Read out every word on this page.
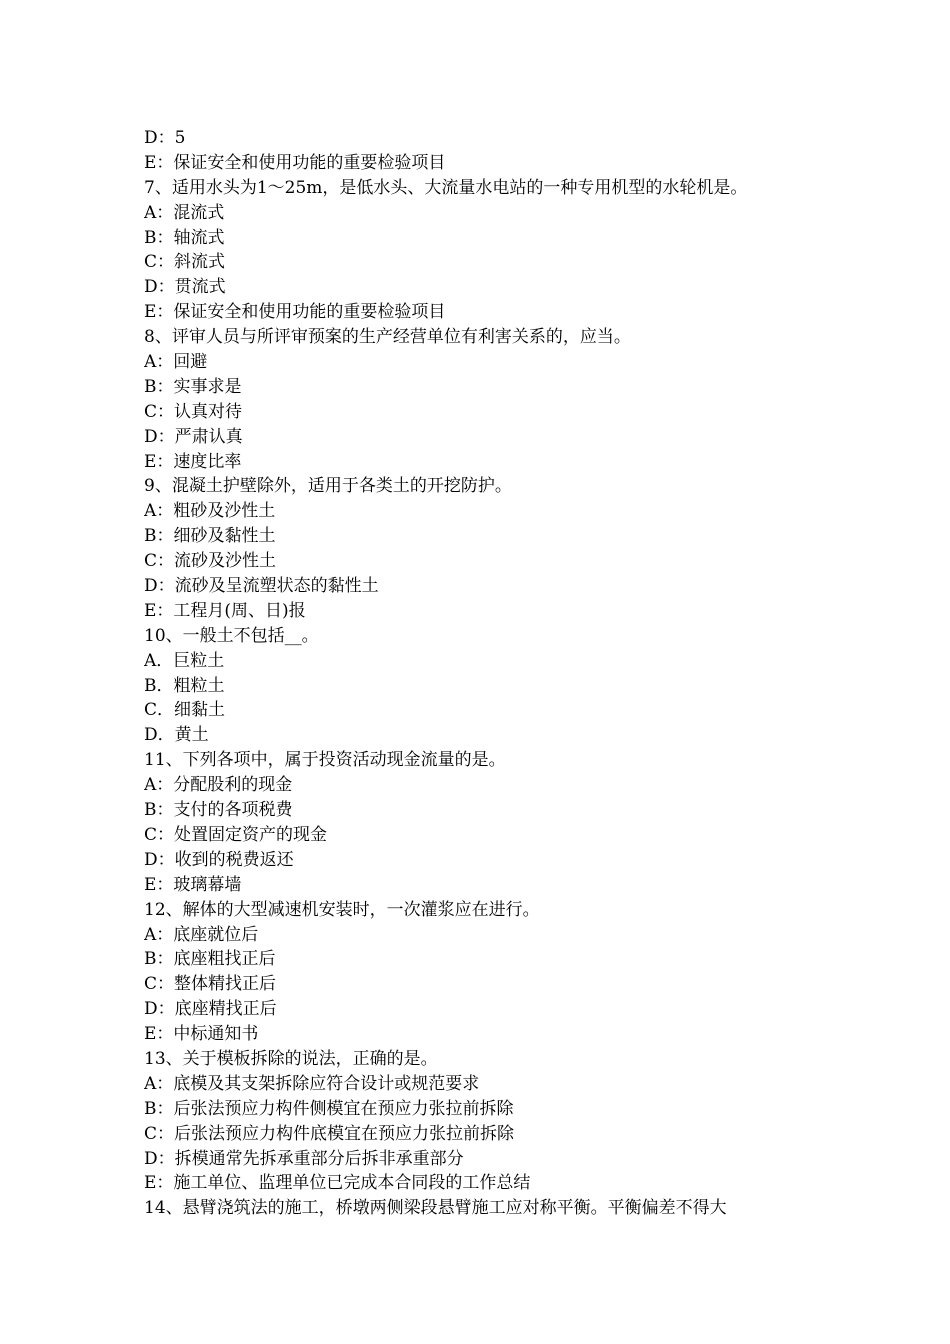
D：5
E：保证安全和使用功能的重要检验项目
7、适用水头为1～25m，是低水头、大流量水电站的一种专用机型的水轮机是。
A：混流式
B：轴流式
C：斜流式
D：贯流式
E：保证安全和使用功能的重要检验项目
8、评审人员与所评审预案的生产经营单位有利害关系的，应当。
A：回避
B：实事求是
C：认真对待
D：严肃认真
E：速度比率
9、混凝土护壁除外，适用于各类土的开挖防护。
A：粗砂及沙性土
B：细砂及黏性土
C：流砂及沙性土
D：流砂及呈流塑状态的黏性土
E：工程月(周、日)报
10、一般土不包括__。
A．巨粒土
B．粗粒土
C．细黏土
D．黄土
11、下列各项中，属于投资活动现金流量的是。
A：分配股利的现金
B：支付的各项税费
C：处置固定资产的现金
D：收到的税费返还
E：玻璃幕墙
12、解体的大型减速机安装时，一次灌浆应在进行。
A：底座就位后
B：底座粗找正后
C：整体精找正后
D：底座精找正后
E：中标通知书
13、关于模板拆除的说法，正确的是。
A：底模及其支架拆除应符合设计或规范要求
B：后张法预应力构件侧模宜在预应力张拉前拆除
C：后张法预应力构件底模宜在预应力张拉前拆除
D：拆模通常先拆承重部分后拆非承重部分
E：施工单位、监理单位已完成本合同段的工作总结
14、悬臂浇筑法的施工，桥墩两侧梁段悬臂施工应对称平衡。平衡偏差不得大
